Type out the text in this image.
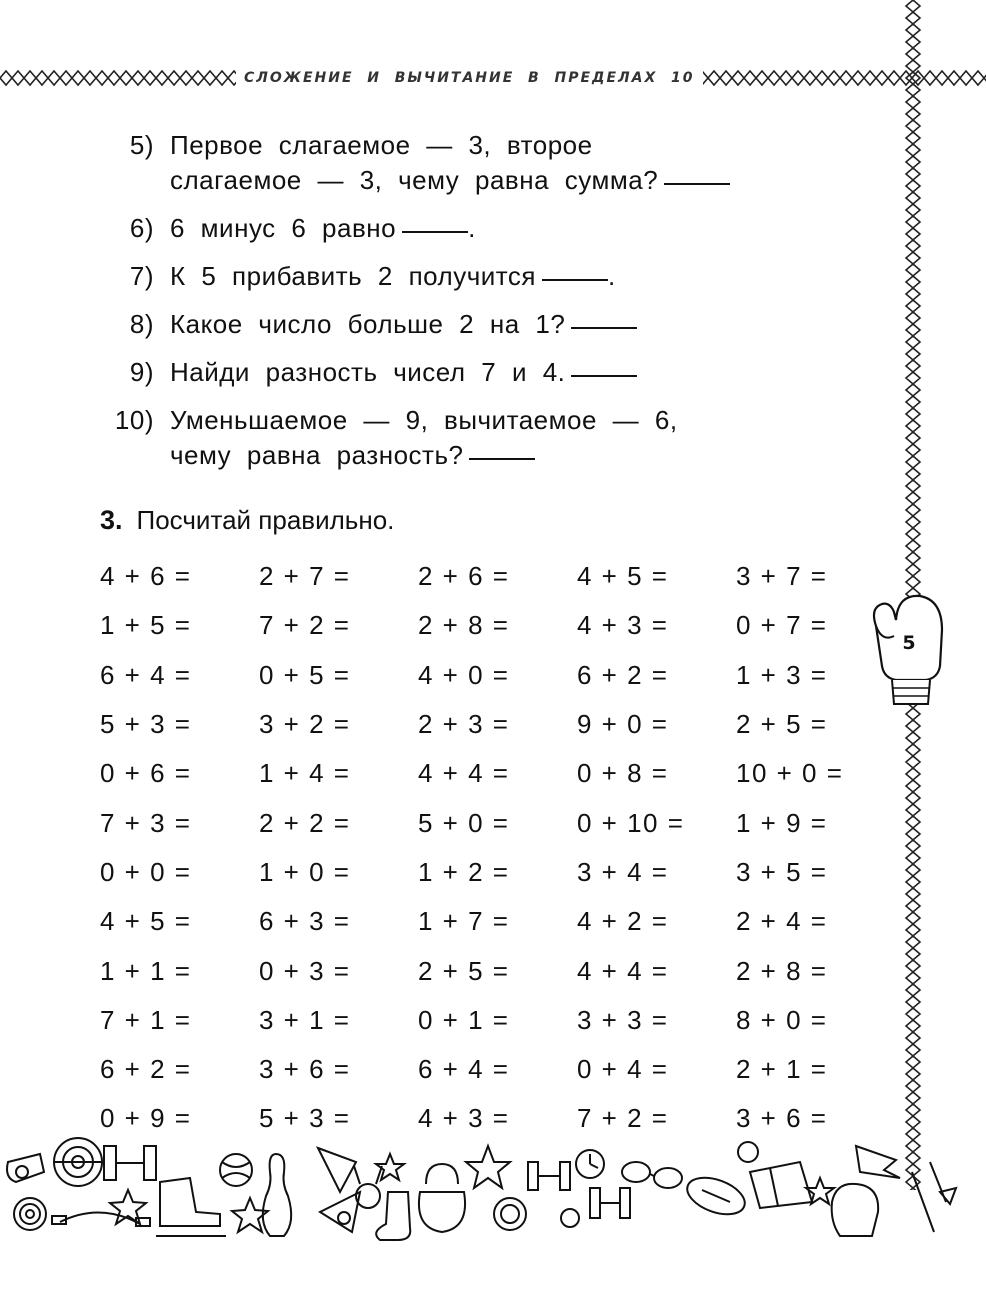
СЛОЖЕНИЕ  И  ВЫЧИТАНИЕ  В  ПРЕДЕЛАХ  10
5) Первое слагаемое — 3, второе
слагаемое — 3, чему равна сумма?
6) 6 минус 6 равно	.
7) К 5 прибавить 2 получится	.
8) Какое число больше 2 на 1?
9) Найди разность чисел 7 и 4.
10) Уменьшаемое — 9, вычитаемое — 6,
чему равна разность?
3. Посчитай правильно.
4 + 6 =	2 + 7 =	2 + 6 =	4 + 5 =	3 + 7 =
1 + 5 =	7 + 2 =	2 + 8 =	4 + 3 =	0 + 7 =
6 + 4 =	0 + 5 =	4 + 0 =	6 + 2 =	1 + 3 =
5 + 3 =	3 + 2 =	2 + 3 =	9 + 0 =	2 + 5 =
0 + 6 =	1 + 4 =	4 + 4 =	0 + 8 =	10 + 0 =
7 + 3 =	2 + 2 =	5 + 0 =	0 + 10 =	1 + 9 =
0 + 0 =	1 + 0 =	1 + 2 =	3 + 4 =	3 + 5 =
4 + 5 =	6 + 3 =	1 + 7 =	4 + 2 =	2 + 4 =
1 + 1 =	0 + 3 =	2 + 5 =	4 + 4 =	2 + 8 =
7 + 1 =	3 + 1 =	0 + 1 =	3 + 3 =	8 + 0 =
6 + 2 =	3 + 6 =	6 + 4 =	0 + 4 =	2 + 1 =
0 + 9 =	5 + 3 =	4 + 3 =	7 + 2 =	3 + 6 =
5
